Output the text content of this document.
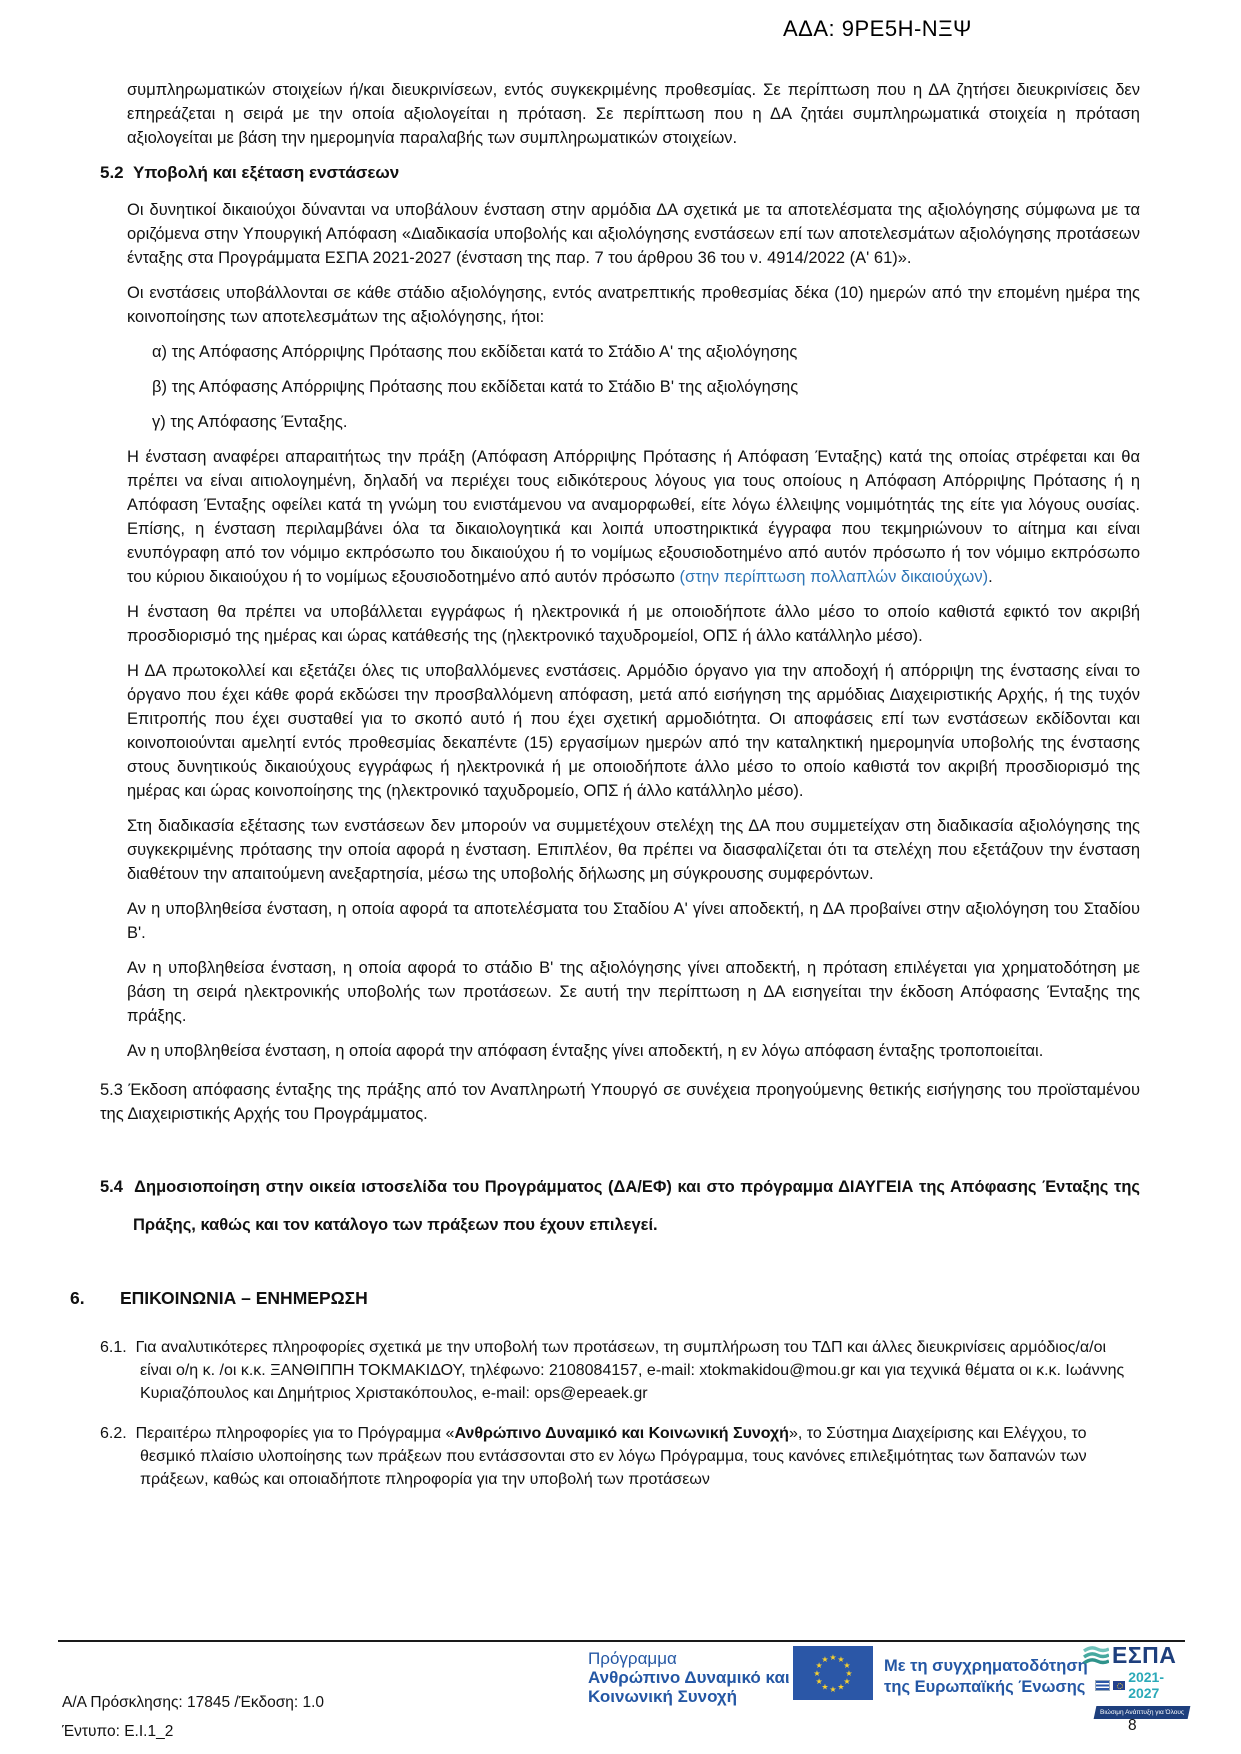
ΑΔΑ: 9ΡΕ5Η-ΝΞΨ

συμπληρωματικών στοιχείων ή/και διευκρινίσεων, εντός συγκεκριμένης προθεσμίας. Σε περίπτωση που η ΔΑ ζητήσει διευκρινίσεις δεν επηρεάζεται η σειρά με την οποία αξιολογείται η πρόταση. Σε περίπτωση που η ΔΑ ζητάει συμπληρωματικά στοιχεία η πρόταση αξιολογείται με βάση την ημερομηνία παραλαβής των συμπληρωματικών στοιχείων.

5.2 Υποβολή και εξέταση ενστάσεων

Οι δυνητικοί δικαιούχοι δύνανται να υποβάλουν ένσταση στην αρμόδια ΔΑ σχετικά με τα αποτελέσματα της αξιολόγησης σύμφωνα με τα οριζόμενα στην Υπουργική Απόφαση «Διαδικασία υποβολής και αξιολόγησης ενστάσεων επί των αποτελεσμάτων αξιολόγησης προτάσεων ένταξης στα Προγράμματα ΕΣΠΑ 2021-2027 (ένσταση της παρ. 7 του άρθρου 36 του ν. 4914/2022 (Α' 61)».

Οι ενστάσεις υποβάλλονται σε κάθε στάδιο αξιολόγησης, εντός ανατρεπτικής προθεσμίας δέκα (10) ημερών από την επομένη ημέρα της κοινοποίησης των αποτελεσμάτων της αξιολόγησης, ήτοι:

α) της Απόφασης Απόρριψης Πρότασης που εκδίδεται κατά το Στάδιο Α' της αξιολόγησης

β) της Απόφασης Απόρριψης Πρότασης που εκδίδεται κατά το Στάδιο Β' της αξιολόγησης

γ) της Απόφασης Ένταξης.

Η ένσταση αναφέρει απαραιτήτως την πράξη (Απόφαση Απόρριψης Πρότασης ή Απόφαση Ένταξης) κατά της οποίας στρέφεται και θα πρέπει να είναι αιτιολογημένη, δηλαδή να περιέχει τους ειδικότερους λόγους για τους οποίους η Απόφαση Απόρριψης Πρότασης ή η Απόφαση Ένταξης οφείλει κατά τη γνώμη του ενιστάμενου να αναμορφωθεί, είτε λόγω έλλειψης νομιμότητάς της είτε για λόγους ουσίας. Επίσης, η ένσταση περιλαμβάνει όλα τα δικαιολογητικά και λοιπά υποστηρικτικά έγγραφα που τεκμηριώνουν το αίτημα και είναι ενυπόγραφη από τον νόμιμο εκπρόσωπο του δικαιούχου ή το νομίμως εξουσιοδοτημένο από αυτόν πρόσωπο ή τον νόμιμο εκπρόσωπο του κύριου δικαιούχου ή το νομίμως εξουσιοδοτημένο από αυτόν πρόσωπο (στην περίπτωση πολλαπλών δικαιούχων).

Η ένσταση θα πρέπει να υποβάλλεται εγγράφως ή ηλεκτρονικά ή με οποιοδήποτε άλλο μέσο το οποίο καθιστά εφικτό τον ακριβή προσδιορισμό της ημέρας και ώρας κατάθεσής της (ηλεκτρονικό ταχυδρομείοl, ΟΠΣ ή άλλο κατάλληλο μέσο).

Η ΔΑ πρωτοκολλεί και εξετάζει όλες τις υποβαλλόμενες ενστάσεις. Αρμόδιο όργανο για την αποδοχή ή απόρριψη της ένστασης είναι το όργανο που έχει κάθε φορά εκδώσει την προσβαλλόμενη απόφαση, μετά από εισήγηση της αρμόδιας Διαχειριστικής Αρχής, ή της τυχόν Επιτροπής που έχει συσταθεί για το σκοπό αυτό ή που έχει σχετική αρμοδιότητα. Οι αποφάσεις επί των ενστάσεων εκδίδονται και κοινοποιούνται αμελητί εντός προθεσμίας δεκαπέντε (15) εργασίμων ημερών από την καταληκτική ημερομηνία υποβολής της ένστασης στους δυνητικούς δικαιούχους εγγράφως ή ηλεκτρονικά ή με οποιοδήποτε άλλο μέσο το οποίο καθιστά τον ακριβή προσδιορισμό της ημέρας και ώρας κοινοποίησης της (ηλεκτρονικό ταχυδρομείο, ΟΠΣ ή άλλο κατάλληλο μέσο).

Στη διαδικασία εξέτασης των ενστάσεων δεν μπορούν να συμμετέχουν στελέχη της ΔΑ που συμμετείχαν στη διαδικασία αξιολόγησης της συγκεκριμένης πρότασης την οποία αφορά η ένσταση. Επιπλέον, θα πρέπει να διασφαλίζεται ότι τα στελέχη που εξετάζουν την ένσταση διαθέτουν την απαιτούμενη ανεξαρτησία, μέσω της υποβολής δήλωσης μη σύγκρουσης συμφερόντων.

Αν η υποβληθείσα ένσταση, η οποία αφορά τα αποτελέσματα του Σταδίου Α' γίνει αποδεκτή, η ΔΑ προβαίνει στην αξιολόγηση του Σταδίου Β'.

Αν η υποβληθείσα ένσταση, η οποία αφορά το στάδιο Β' της αξιολόγησης γίνει αποδεκτή, η πρόταση επιλέγεται για χρηματοδότηση με βάση τη σειρά ηλεκτρονικής υποβολής των προτάσεων. Σε αυτή την περίπτωση η ΔΑ εισηγείται την έκδοση Απόφασης Ένταξης της πράξης.

Αν η υποβληθείσα ένσταση, η οποία αφορά την απόφαση ένταξης γίνει αποδεκτή, η εν λόγω απόφαση ένταξης τροποποιείται.

5.3 Έκδοση απόφασης ένταξης της πράξης από τον Αναπληρωτή Υπουργό σε συνέχεια προηγούμενης θετικής εισήγησης του προϊσταμένου της Διαχειριστικής Αρχής του Προγράμματος.

5.4 Δημοσιοποίηση στην οικεία ιστοσελίδα του Προγράμματος (ΔΑ/ΕΦ) και στο πρόγραμμα ΔΙΑΥΓΕΙΑ της Απόφασης Ένταξης της Πράξης, καθώς και τον κατάλογο των πράξεων που έχουν επιλεγεί.

6.	ΕΠΙΚΟΙΝΩΝΙΑ – ΕΝΗΜΕΡΩΣΗ

6.1. Για αναλυτικότερες πληροφορίες σχετικά με την υποβολή των προτάσεων, τη συμπλήρωση του ΤΔΠ και άλλες διευκρινίσεις αρμόδιος/α/οι είναι ο/η κ. /οι κ.κ. ΞΑΝΘΙΠΠΗ ΤΟΚΜΑΚΙΔΟΥ, τηλέφωνο: 2108084157, e-mail: xtokmakidou@mou.gr και για τεχνικά θέματα οι κ.κ. Ιωάννης Κυριαζόπουλος και Δημήτριος Χριστακόπουλος, e-mail: ops@epeaek.gr

6.2. Περαιτέρω πληροφορίες για το Πρόγραμμα «Ανθρώπινο Δυναμικό και Κοινωνική Συνοχή», το Σύστημα Διαχείρισης και Ελέγχου, το θεσμικό πλαίσιο υλοποίησης των πράξεων που εντάσσονται στο εν λόγω Πρόγραμμα, τους κανόνες επιλεξιμότητας των δαπανών των πράξεων, καθώς και οποιαδήποτε πληροφορία για την υποβολή των προτάσεων

Πρόγραμμα
Ανθρώπινο Δυναμικό και
Κοινωνική Συνοχή
★ ★
★
★
★
★
★
★
★
★
★
★	Με τη συγχρηματοδότηση
της Ευρωπαϊκής Ένωσης
ΕΣΠΑ
2021-2027
Βιώσιμη Ανάπτυξη για Όλους
Α/Α Πρόσκλησης: 17845 /Έκδοση: 1.0
Έντυπο: Ε.Ι.1_2	8
